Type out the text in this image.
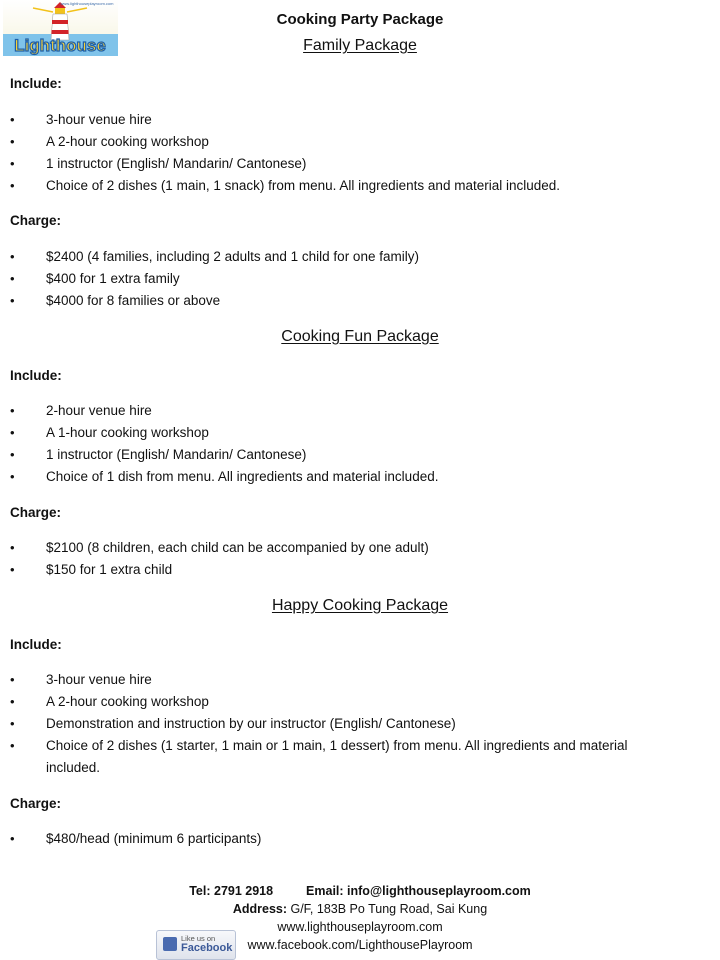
Lighthouse
www.lighthouseplayroom.com
Cooking Party Package
Family Package
Include:
• 3-hour venue hire
• A 2-hour cooking workshop
• 1 instructor (English/ Mandarin/ Cantonese)
• Choice of 2 dishes (1 main, 1 snack) from menu. All ingredients and material included.
Charge:
• $2400 (4 families, including 2 adults and 1 child for one family)
• $400 for 1 extra family
• $4000 for 8 families or above
Cooking Fun Package
Include:
• 2-hour venue hire
• A 1-hour cooking workshop
• 1 instructor (English/ Mandarin/ Cantonese)
• Choice of 1 dish from menu. All ingredients and material included.
Charge:
• $2100 (8 children, each child can be accompanied by one adult)
• $150 for 1 extra child
Happy Cooking Package
Include:
• 3-hour venue hire
• A 2-hour cooking workshop
• Demonstration and instruction by our instructor (English/ Cantonese)
• Choice of 2 dishes (1 starter, 1 main or 1 main, 1 dessert) from menu. All ingredients and material
included.
Charge:
• $480/head (minimum 6 participants)
Tel: 2791 2918	Email: info@lighthouseplayroom.com
Address: G/F, 183B Po Tung Road, Sai Kung
www.lighthouseplayroom.com
www.facebook.com/LighthousePlayroom
Like us on
Facebook
